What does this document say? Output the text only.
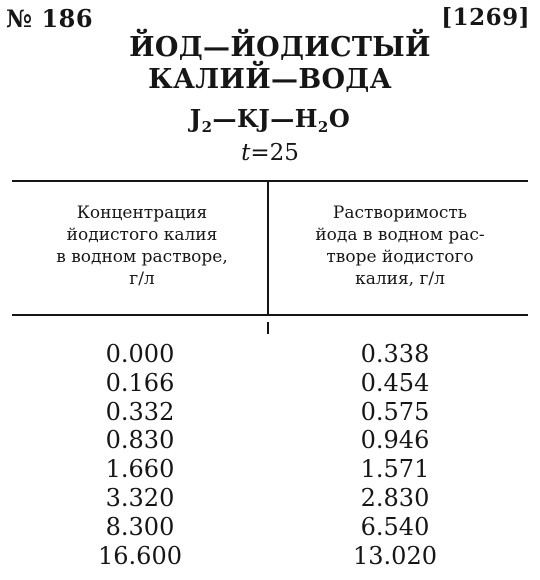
№ 186	[1269]
ЙОД—ЙОДИСТЫЙ
КАЛИЙ—ВОДА
$J_2—KJ—H_2O$
t=25
Концентрация
йодистого калия
в водном растворе,
г/л
Растворимость
йода в водном рас-
творе йодистого
калия, г/л
0.000
0.166
0.332
0.830
1.660
3.320
8.300
16.600
0.338
0.454
0.575
0.946
1.571
2.830
6.540
13.020
